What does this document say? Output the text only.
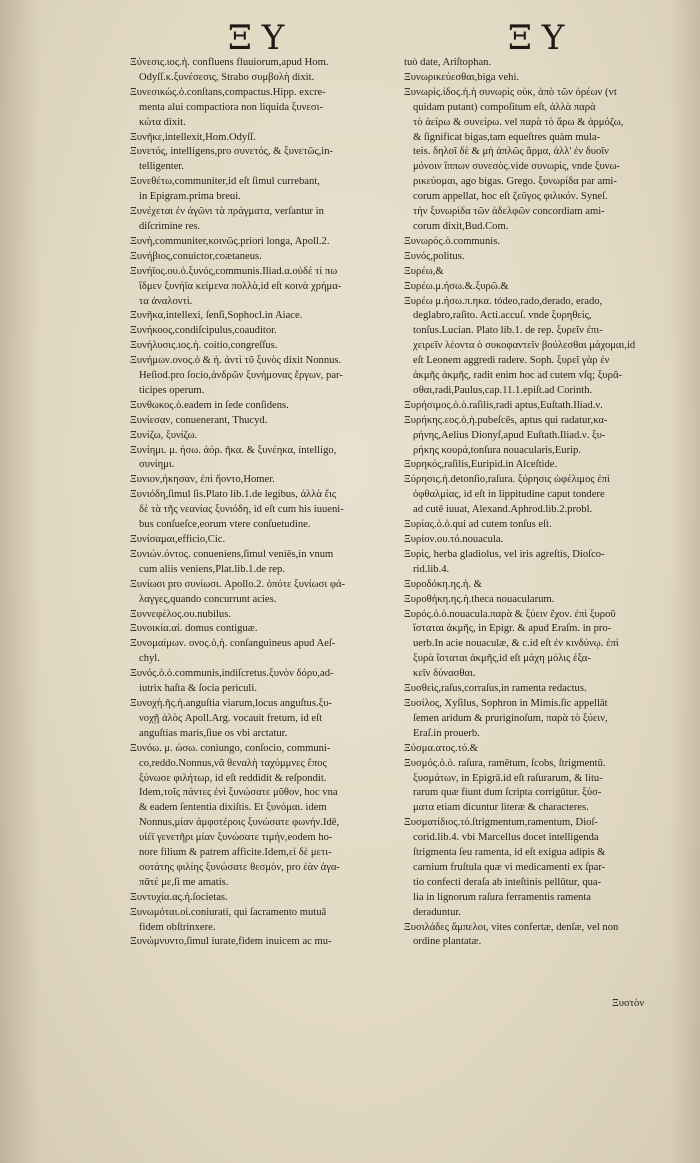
ΞΥ	ΞΥ
Ξύνεσις.ιος.ἡ. confluens fluuiorum,apud Hom.
Odyſſ.κ.ξυνέσεσις, Strabo συμβολὴ dixit.
Ξυνεσικώς.ὁ.conſtans,compactus.Hipp. excre-
menta alui compactiora non liquida ξυνεσι-
κώτα dixit.
Ξυνῆκε,intellexit,Hom.Odyſſ.
Ξυνετός, intelligens,pro συνετός, & ξυνετῶς,in-
telligenter.
Ξυνεθέτω,communiter,id eſt ſimul currebant,
in Epigram.prima breui.
Ξυνέχεται ἐν ἀγῶνι τὰ πράγματα, verſantur in
diſcrimine res.
Ξυνὴ,communiter,κοινῶς.priori longa, Apoll.2.
Ξυνήβιος,conuictor,coætaneus.
Ξυνήϊος.ου.ὁ.ξυνός,communis.Iliad.α.οὐδέ τί πω
ἴδμεν ξυνήϊα κείμενα πολλὰ,id eſt κοινὰ χρήμα-
τα ἀναλοντὶ.
Ξυνῆκα,intellexi, ſenſi,Sophocl.in Aiace.
Ξυνήκοος,condiſcipulus,coauditor.
Ξυνήλυσις.ιος.ἡ. coitio,congreſſus.
Ξυνήμων.ονος.ὁ & ἡ. ἀντὶ τῦ ξυνὸς dixit Nonnus.
Heſiod.pro ſocio,ἀνδρῶν ξυνήμονας ἔργων, par-
ticipes operum.
Ξυνθωκος.ὁ.eadem in ſede conſidens.
Ξυνίεσαν, conuenerant, Thucyd.
Ξυνίζω, ξυνίζω.
Ξυνίημι. μ. ήσω. ἀόρ. ῆκα. & ξυνέηκα, intelligo,
συνίημι.
Ξυνιον,ήκησαν, ἐπὶ ἤοντο,Homer.
Ξυνιόδη,ſimul ſis.Plato lib.1.de legibus, ἀλλὰ ἔις
δὲ τὰ τῆς νεανίας ξυνιόδη, id eſt cum his iuueni-
bus conſueſce,eorum vtere conſuetudine.
Ξυνίσαμαι,efficio,Cic.
Ξυνιών.όντος. conueniens,ſimul veniēs,in vnum
cum aliis veniens,Plat.lib.1.de rep.
Ξυνίωσι pro συνίωσι. Apollo.2. ὁπότε ξυνίωσι φά-
λαγγες,quando concurrunt acies.
Ξυννεφέλος.ου.nubilus.
Ξυνοικία.αἱ. domus contiguæ.
Ξυνομαίμων. ονος.ὁ,ἡ. conſanguineus apud Aeſ-
chyl.
Ξυνός.ὁ.ὁ.communis,indiſcretus.ξυνὸν δόρυ,ad-
iutrix haſta & ſocia periculi.
Ξυνοχὴ.ῆς.ἡ.anguſtia viarum,locus anguſtus.ξυ-
νοχῇ ἁλὸς Apoll.Arg. vocauit fretum, id eſt
anguſtias maris,ſiue os vbi arctatur.
Ξυνόω. μ. ώσω. coniungo, conſocio, communi-
co,reddo.Nonnus,νᾶ θεναλὴ ταχύμμνες ἔπος
ξύνωσε φιλήτωρ, id eſt reddidit & reſpondit.
Idem,τοῖς πάντες ἐνὶ ξυνώσατε μῦθον, hoc vna
& eadem ſententia dixiſtis. Et ξυνόμαι. idem
Nonnus,μίαν ἀμφοτέροις ξυνώσατε φωνήν.Idē,
υἱέϊ γενετῆρι μίαν ξυνώσατε τιμήν,eodem ho-
nore filium & patrem afficite.Idem,εἰ δὲ μετι-
σοτάτης φιλίης ξυνώσατε θεσμὸν, pro ἐὰν ἀγα-
πᾶτέ με,ſi me amatis.
Ξυντυχία.ας.ἡ.ſocietas.
Ξυνωμόται.οἱ.coniurati, qui ſacramento mutuā
fidem obſtrinxere.
Ξυνώμνυντο,ſimul iurate,fidem inuicem ac mu-
tuò date, Ariſtophan.
Ξυνωρικεύεσθαι,biga vehi.
Ξυνωρὶς.ίδος.ἡ.ἡ συνωρὶς οὐκ, ἀπὸ τῶν ὀρέων (vt
quidam putant) compoſitum eſt, ἀλλὰ παρὰ
τὸ ἀείρω & συνείρω. vel παρὰ τὸ ἄρω & ἁρμόζω,
& ſignificat bigas,tam equeſtres quàm mula-
teis. δηλοῖ δὲ & μὴ ἁπλῶς ἅρμα, ἀλλ' ἐν δυοῖν
μόνοιν ἵππων συνεσὸς.vide συνωρὶς, vnde ξυνω-
ρικεύομαι, ago bigas. Grego. ξυνωρίδα par ami-
corum appellat, hoc eſt ζεῦγος φιλικόν. Syneſ.
τὴν ξυνωρίδα τῶν ἀδελφῶν concordiam ami-
corum dixit,Bud.Com.
Ξυνωρός.ὁ.communis.
Ξυνός,politus.
Ξυρέω,&
Ξυρέω.μ.ήσω.&.ξυρῶ.&
Ξυρέω μ.ήσω.π.ηκα. tódeo,rado,derado, erado,
deglabro,raſito. Acti.accuſ. vnde ξυρηθεὶς,
tonſus.Lucian. Plato lib.1. de rep. ξυρεῖν ἐπι-
χειρεῖν λέοντα ὁ συκοφαντεῖν βούλεσθαι μάχομαι,id
eſt Leonem aggredi radere. Soph. ξυρεῖ γὰρ ἐν
ἀκμῆς ἀκμῆς, radit enim hoc ad cutem vſq; ξυρᾶ-
σθαι,radi,Paulus,cap.11.1.epiſt.ad Corinth.
Ξυρήσιμος.ὁ.ὁ.raſilis,radi aptus,Euſtath.Iliad.ν.
Ξυρήκης.εος.ὁ,ἡ.pubeſcēs, aptus qui radatur,κα-
ρήνης,Aelius Dionyſ,apud Euſtath.Iliad.ν. ξυ-
ρήκης κουρά,tonſura nouacularis,Eurip.
Ξυρηκός,raſilis,Euripid.in Alceſtide.
Ξύρησις.ἡ.detonſio,raſura. ξύρησις ὠφέλιμος ἐπὶ
ὀφθαλμίας, id eſt in lippitudine caput tondere
ad cutē iuuat, Alexand.Aphrod.lib.2.probl.
Ξυρίας.ὁ.ὁ.qui ad cutem tonſus eſt.
Ξυρίον.ου.τό.nouacula.
Ξυρὶς, herba gladiolus, vel iris agreſtis, Dioſco-
rid.lib.4.
Ξυροδόκη.ης.ἡ. &
Ξυροθήκη.ης.ἡ.theca nouacularum.
Ξυρός.ὁ.ὁ.nouacula.παρὰ & ξύειν ἔχον. ἐπὶ ξυροῦ
ἵσταται ἀκμῆς, in Epigr. & apud Eraſm. in pro-
uerb.In acie nouaculæ, & c.id eſt ἐν κινδύνῳ. ἐπὶ
ξυρὰ ἵσταται ἀκμῆς,id eſt μάχη μόλις ἐξα-
κεῖν δύνασθαι.
Ξυσθεὶς,raſus,corraſus,in ramenta redactus.
Ξυσίλος, Xyſilus, Sophron in Mimis.ſic appellāt
ſemen aridum & pruriginoſum, παρὰ τὸ ξύειν,
Eraſ.in prouerb.
Ξύσμα.ατος.τό.&
Ξυσμός.ὁ.ὁ. raſura, ramētum, ſcobs, ſtrigmentū.
ξυσμάτων, in Epigrā.id eſt raſurarum, & litu-
rarum quæ fiunt dum ſcripta corrigūtur. ξύσ-
ματα etiam dicuntur literæ & characteres.
Ξυσματίδιος.τό.ſtrigmentum,ramentum, Dioſ-
corid.lib.4. vbi Marcellus docet intelligenda
ſtrigmenta ſeu ramenta, id eſt exigua adipis &
carnium fruſtula quæ vi medicamenti ex ſpar-
tio confecti deraſa ab inteſtinis pellūtur, qua-
lia in lignorum raſura ferramentis ramenta
deraduntur.
Ξυσιλάδες ἄμπελοι, vites confertæ, denſæ, vel non
ordine plantatæ.
Ξυστὸν
